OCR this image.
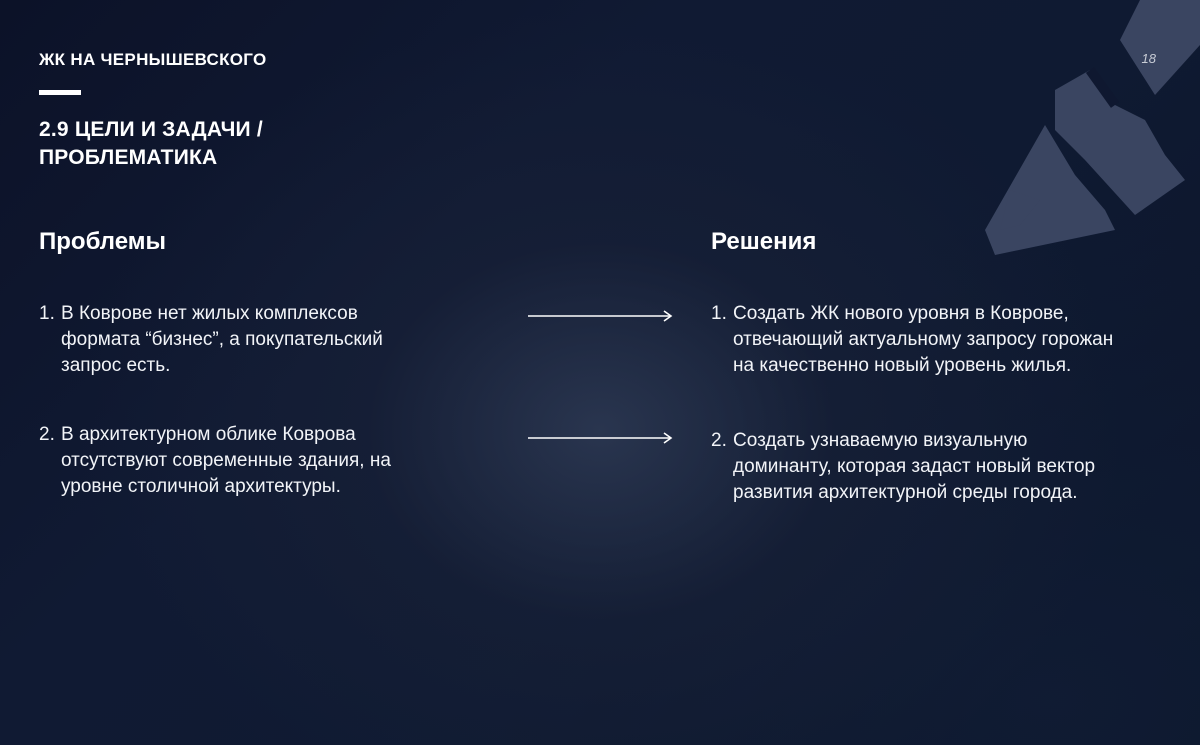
ЖК НА ЧЕРНЫШЕВСКОГО	18
2.9 ЦЕЛИ И ЗАДАЧИ /
ПРОБЛЕМАТИКА
Проблемы	Решения
1. В Коврове нет жилых комплексов
формата “бизнес”, а покупательский
запрос есть.
2. В архитектурном облике Коврова
отсутствуют современные здания, на
уровне столичной архитектуры.
1. Создать ЖК нового уровня в Коврове,
отвечающий актуальному запросу горожан
на качественно новый уровень жилья.
2. Создать узнаваемую визуальную
доминанту, которая задаст новый вектор
развития архитектурной среды города.
